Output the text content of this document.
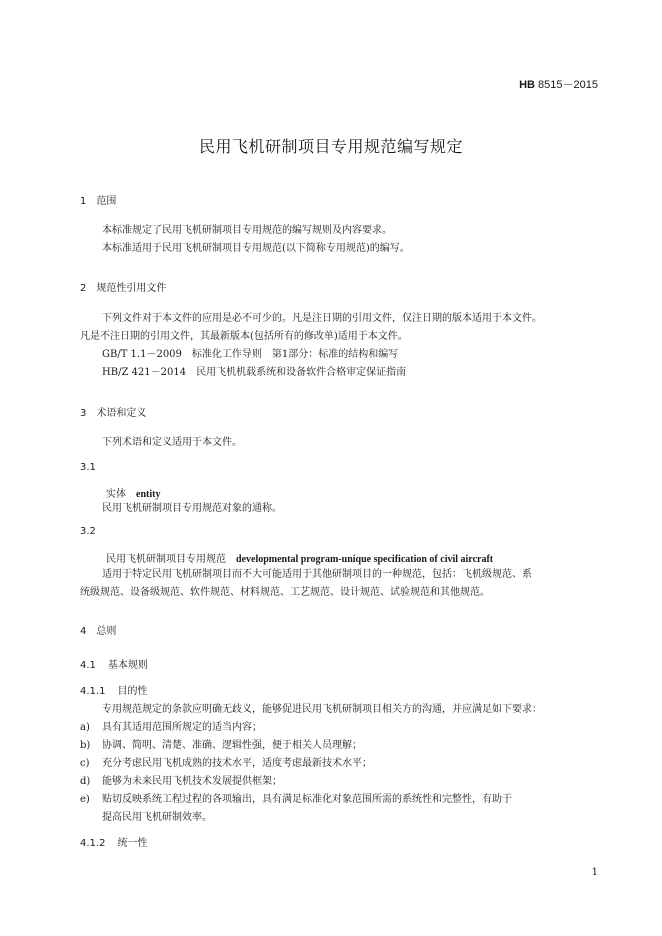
HB 8515－2015
民用飞机研制项目专用规范编写规定
1 范围
本标准规定了民用飞机研制项目专用规范的编写规则及内容要求。
本标准适用于民用飞机研制项目专用规范(以下简称专用规范)的编写。
2 规范性引用文件
下列文件对于本文件的应用是必不可少的。凡是注日期的引用文件，仅注日期的版本适用于本文件。
凡是不注日期的引用文件，其最新版本(包括所有的修改单)适用于本文件。
GB/T 1.1－2009　标准化工作导则　第1部分：标准的结构和编写
HB/Z 421－2014　民用飞机机载系统和设备软件合格审定保证指南
3 术语和定义
下列术语和定义适用于本文件。
3.1
实体 entity
民用飞机研制项目专用规范对象的通称。
3.2
民用飞机研制项目专用规范 developmental program-unique specification of civil aircraft
适用于特定民用飞机研制项目而不大可能适用于其他研制项目的一种规范，包括：飞机级规范、系
统级规范、设备级规范、软件规范、材料规范、工艺规范、设计规范、试验规范和其他规范。
4 总则
4.1 基本规则
4.1.1 目的性
专用规范规定的条款应明确无歧义，能够促进民用飞机研制项目相关方的沟通，并应满足如下要求：
a)	具有其适用范围所规定的适当内容；
b)	协调、简明、清楚、准确、逻辑性强，便于相关人员理解；
c)	充分考虑民用飞机成熟的技术水平，适度考虑最新技术水平；
d)	能够为未来民用飞机技术发展提供框架；
e)	贴切反映系统工程过程的各项输出，具有满足标准化对象范围所需的系统性和完整性，有助于
提高民用飞机研制效率。
4.1.2 统一性
1
